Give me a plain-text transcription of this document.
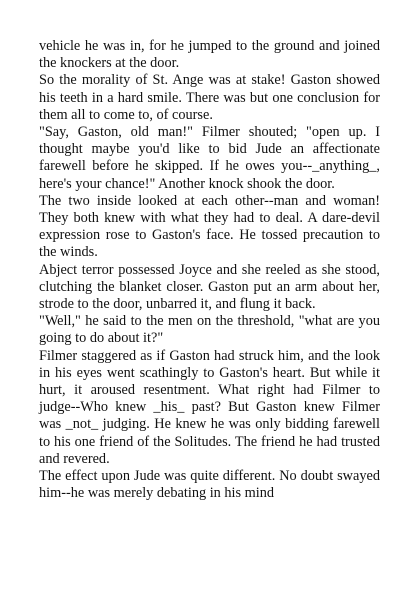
vehicle he was in, for he jumped to the ground and joined the knockers at the door.

So the morality of St. Ange was at stake! Gaston showed his teeth in a hard smile. There was but one conclusion for them all to come to, of course.

"Say, Gaston, old man!" Filmer shouted; "open up. I thought maybe you'd like to bid Jude an affectionate farewell before he skipped. If he owes you--_anything_, here's your chance!" Another knock shook the door.

The two inside looked at each other--man and woman! They both knew with what they had to deal. A dare-devil expression rose to Gaston's face. He tossed precaution to the winds.

Abject terror possessed Joyce and she reeled as she stood, clutching the blanket closer. Gaston put an arm about her, strode to the door, unbarred it, and flung it back.

"Well," he said to the men on the threshold, "what are you going to do about it?"

Filmer staggered as if Gaston had struck him, and the look in his eyes went scathingly to Gaston's heart. But while it hurt, it aroused resentment. What right had Filmer to judge--Who knew _his_ past? But Gaston knew Filmer was _not_ judging. He knew he was only bidding farewell to his one friend of the Solitudes. The friend he had trusted and revered.

The effect upon Jude was quite different. No doubt swayed him--he was merely debating in his mind
